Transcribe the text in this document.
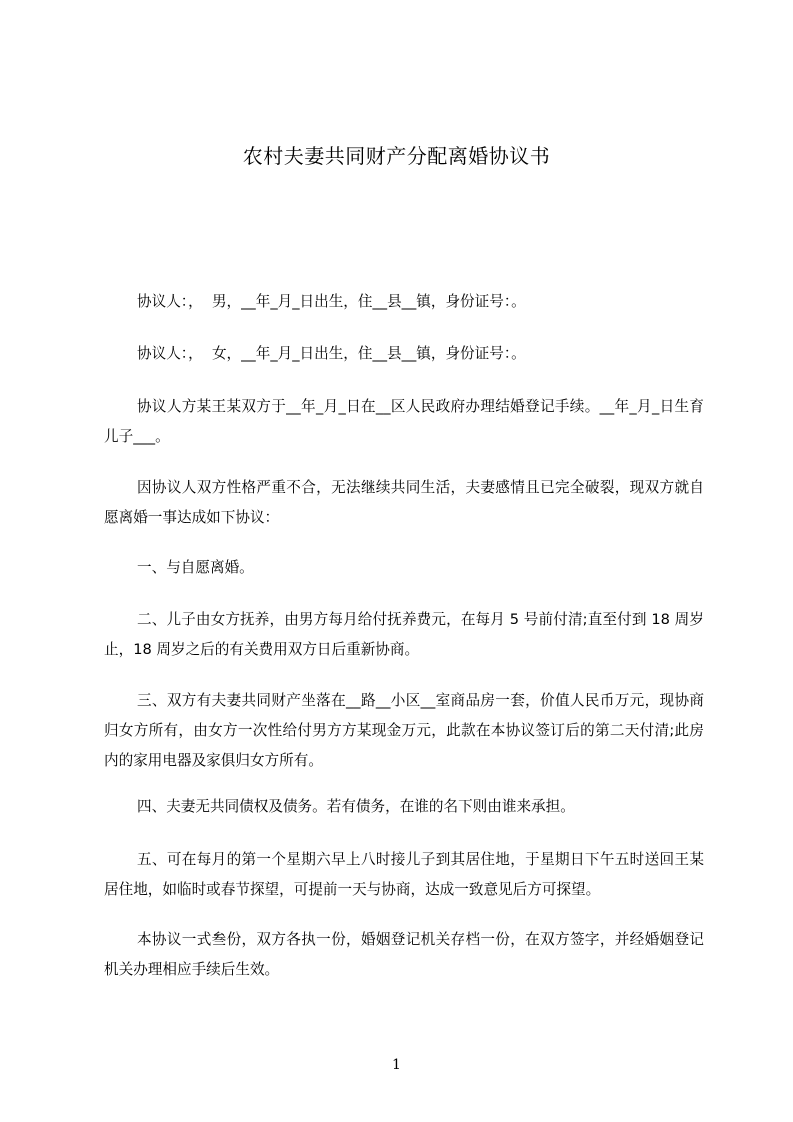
农村夫妻共同财产分配离婚协议书

协议人：，  男，__年_月_日出生，住__县__镇，身份证号：。

协议人：，  女，__年_月_日出生，住__县__镇，身份证号：。

协议人方某王某双方于__年_月_日在__区人民政府办理结婚登记手续。__年_月_日生育儿子___。

因协议人双方性格严重不合，无法继续共同生活，夫妻感情且已完全破裂，现双方就自愿离婚一事达成如下协议：

一、与自愿离婚。

二、儿子由女方抚养，由男方每月给付抚养费元，在每月 5 号前付清;直至付到 18 周岁止，18 周岁之后的有关费用双方日后重新协商。

三、双方有夫妻共同财产坐落在__路__小区__室商品房一套，价值人民币万元，现协商归女方所有，由女方一次性给付男方方某现金万元，此款在本协议签订后的第二天付清;此房内的家用电器及家俱归女方所有。

四、夫妻无共同债权及债务。若有债务，在谁的名下则由谁来承担。

五、可在每月的第一个星期六早上八时接儿子到其居住地，于星期日下午五时送回王某居住地，如临时或春节探望，可提前一天与协商，达成一致意见后方可探望。

本协议一式叁份，双方各执一份，婚姻登记机关存档一份，在双方签字，并经婚姻登记机关办理相应手续后生效。

1
